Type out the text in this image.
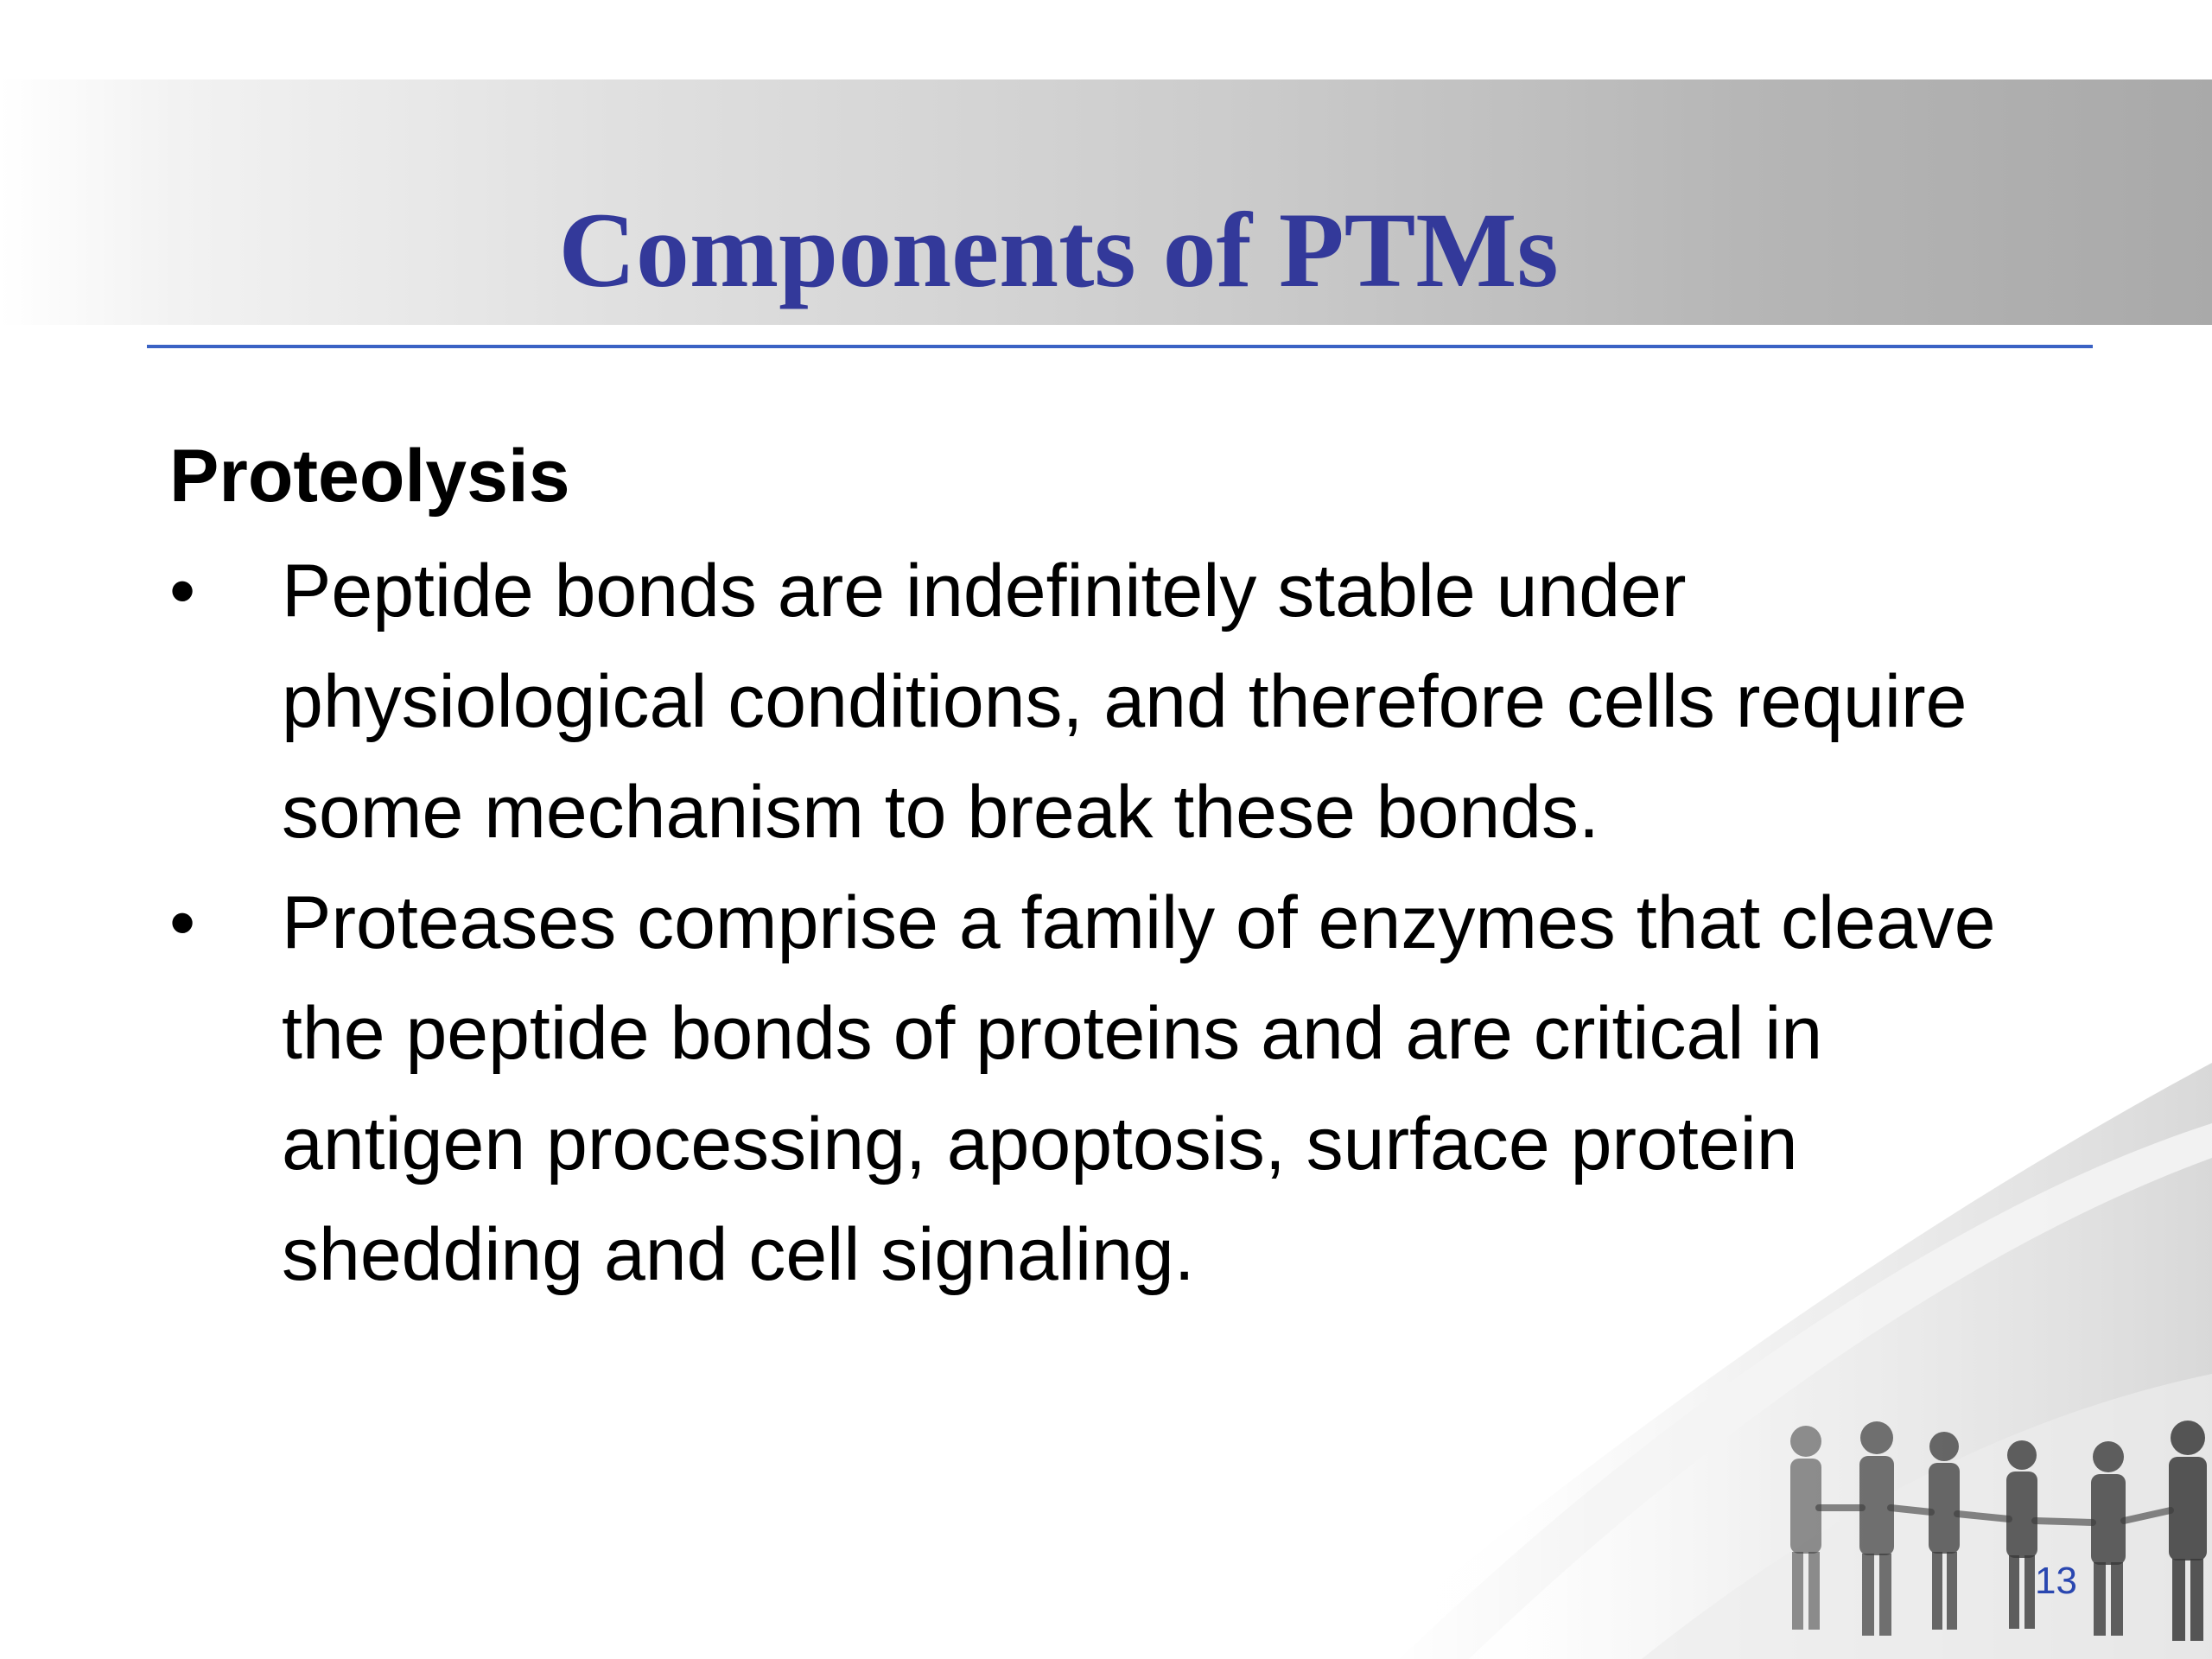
Components of PTMs
Proteolysis
•	Peptide bonds are indefinitely stable under physiological conditions, and therefore cells require some mechanism to break these bonds.
•	Proteases comprise a family of enzymes that cleave the peptide bonds of proteins and are critical in antigen processing, apoptosis, surface protein shedding and cell signaling.
13
